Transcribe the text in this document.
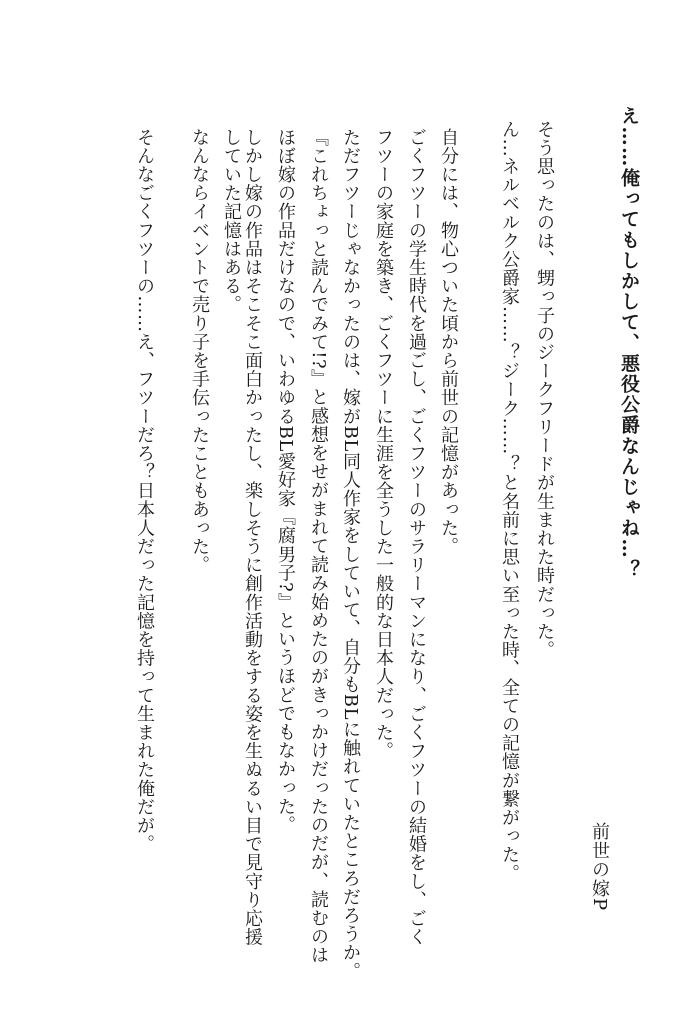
え……俺ってもしかして、悪役公爵なんじゃね…？
そう思ったのは、甥っ子のジークフリードが生まれた時だった。
ん…ネルベルク公爵家……？ジーク……？と名前に思い至った時、全ての記憶が繋がった。	前世の嫁P
自分には、物心ついた頃から前世の記憶があった。
ごくフツーの学生時代を過ごし、ごくフツーのサラリーマンになり、ごくフツーの結婚をし、ごく
フツーの家庭を築き、ごくフツーに生涯を全うした一般的な日本人だった。
ただフツーじゃなかったのは、嫁がBL同人作家をしていて、自分もBLに触れていたところだろうか。
『これちょっと読んでみて!?』と感想をせがまれて読み始めたのがきっかけだったのだが、読むのは
ほぼ嫁の作品だけなので、いわゆるBL愛好家『腐男子?』というほどでもなかった。
しかし嫁の作品はそこそこ面白かったし、楽しそうに創作活動をする姿を生ぬるい目で見守り応援
していた記憶はある。
なんならイベントで売り子を手伝ったこともあった。
そんなごくフツーの……え、フツーだろ？日本人だった記憶を持って生まれた俺だが。
